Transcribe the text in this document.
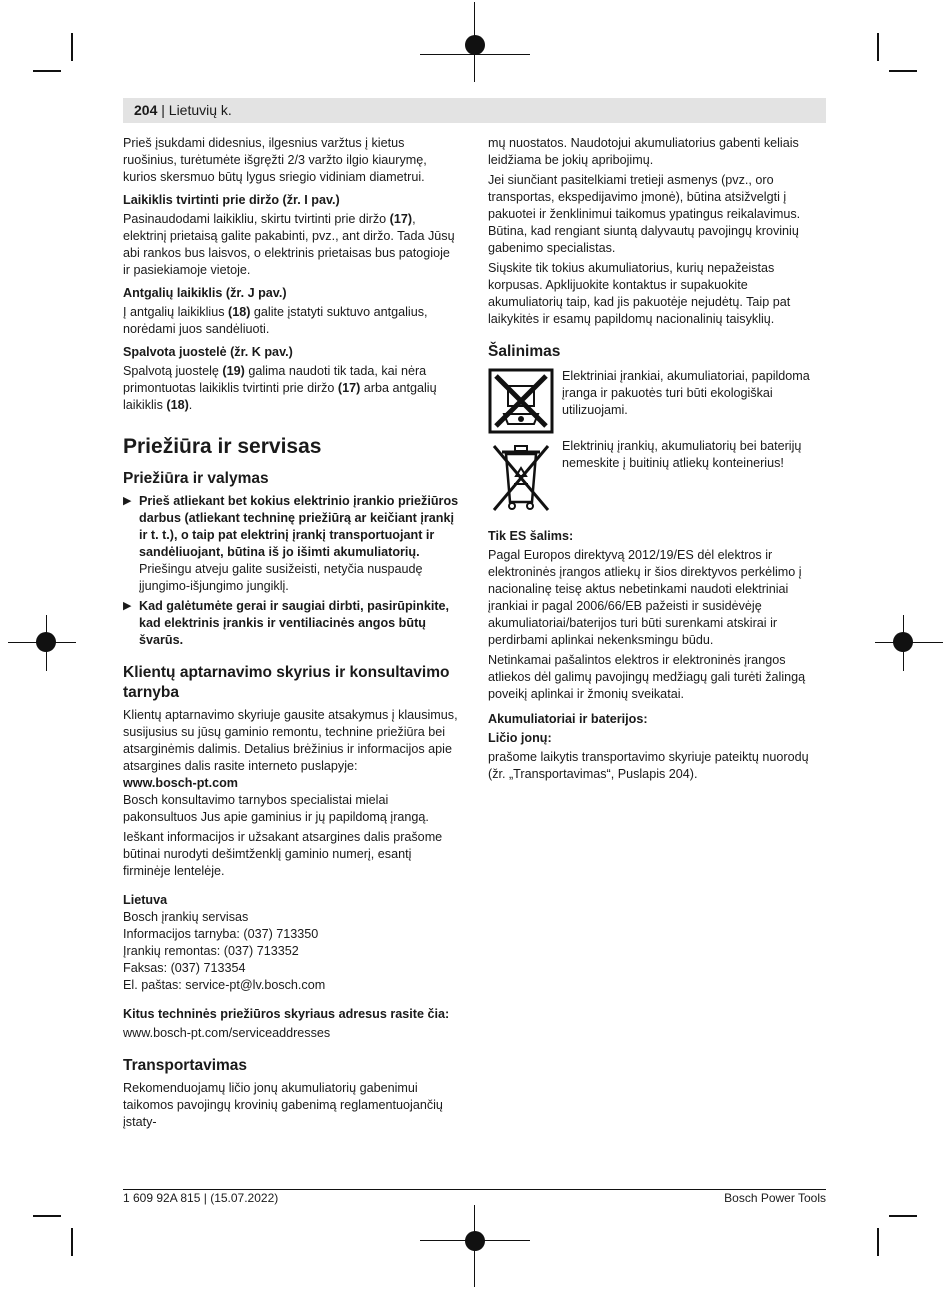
204 | Lietuvių k.

Prieš įsukdami didesnius, ilgesnius varžtus į kietus ruošinius, turėtumėte išgręžti 2/3 varžto ilgio kiaurymę, kurios skersmuo būtų lygus sriegio vidiniam diametrui.

Laikiklis tvirtinti prie diržo (žr. I pav.)

Pasinaudodami laikikliu, skirtu tvirtinti prie diržo (17), elektrinį prietaisą galite pakabinti, pvz., ant diržo. Tada Jūsų abi rankos bus laisvos, o elektrinis prietaisas bus patogioje ir pasiekiamoje vietoje.

Antgalių laikiklis (žr. J pav.)

Į antgalių laikiklius (18) galite įstatyti suktuvo antgalius, norėdami juos sandėliuoti.

Spalvota juostelė (žr. K pav.)

Spalvotą juostelę (19) galima naudoti tik tada, kai nėra primontuotas laikiklis tvirtinti prie diržo (17) arba antgalių laikiklis (18).

Priežiūra ir servisas
Priežiūra ir valymas
▶ Prieš atliekant bet kokius elektrinio įrankio priežiūros darbus (atliekant techninę priežiūrą ar keičiant įrankį ir t. t.), o taip pat elektrinį įrankį transportuojant ir sandėliuojant, būtina iš jo išimti akumuliatorių. Priešingu atveju galite susižeisti, netyčia nuspaudę įjungimo-išjungimo jungiklį.
▶ Kad galėtumėte gerai ir saugiai dirbti, pasirūpinkite, kad elektrinis įrankis ir ventiliacinės angos būtų švarūs.
Klientų aptarnavimo skyrius ir konsultavimo tarnyba

Klientų aptarnavimo skyriuje gausite atsakymus į klausimus, susijusius su jūsų gaminio remontu, technine priežiūra bei atsarginėmis dalimis. Detalius brėžinius ir informacijos apie atsargines dalis rasite interneto puslapyje:

www.bosch-pt.com

Bosch konsultavimo tarnybos specialistai mielai pakonsultuos Jus apie gaminius ir jų papildomą įrangą.

Ieškant informacijos ir užsakant atsargines dalis prašome būtinai nurodyti dešimtženklį gaminio numerį, esantį firminėje lentelėje.

Lietuva
Bosch įrankių servisas
Informacijos tarnyba: (037) 713350
Įrankių remontas: (037) 713352
Faksas: (037) 713354
El. paštas: service-pt@lv.bosch.com
Kitus techninės priežiūros skyriaus adresus rasite čia:
www.bosch-pt.com/serviceaddresses
Transportavimas

Rekomenduojamų ličio jonų akumuliatorių gabenimui taikomos pavojingų krovinių gabenimą reglamentuojančių įstaty-

mų nuostatos. Naudotojui akumuliatorius gabenti keliais leidžiama be jokių apribojimų.

Jei siunčiant pasitelkiami tretieji asmenys (pvz., oro transportas, ekspedijavimo įmonė), būtina atsižvelgti į pakuotei ir ženklinimui taikomus ypatingus reikalavimus. Būtina, kad rengiant siuntą dalyvautų pavojingų krovinių gabenimo specialistas.

Siųskite tik tokius akumuliatorius, kurių nepažeistas korpusas. Apklijuokite kontaktus ir supakuokite akumuliatorių taip, kad jis pakuotėje nejudėtų. Taip pat laikykitės ir esamų papildomų nacionalinių taisyklių.

Šalinimas
Elektriniai įrankiai, akumuliatoriai, papildoma įranga ir pakuotės turi būti ekologiškai utilizuojami.
Elektrinių įrankių, akumuliatorių bei baterijų nemeskite į buitinių atliekų konteinerius!
Tik ES šalims:

Pagal Europos direktyvą 2012/19/ES dėl elektros ir elektroninės įrangos atliekų ir šios direktyvos perkėlimo į nacionalinę teisę aktus nebetinkami naudoti elektriniai įrankiai ir pagal 2006/66/EB pažeisti ir susidėvėję akumuliatoriai/baterijos turi būti surenkami atskirai ir perdirbami aplinkai nekenksmingu būdu.

Netinkamai pašalintos elektros ir elektroninės įrangos atliekos dėl galimų pavojingų medžiagų gali turėti žalingą poveikį aplinkai ir žmonių sveikatai.

Akumuliatoriai ir baterijos:
Ličio jonų:

prašome laikytis transportavimo skyriuje pateiktų nuorodų (žr. „Transportavimas“, Puslapis 204).

1 609 92A 815 | (15.07.2022)	Bosch Power Tools
